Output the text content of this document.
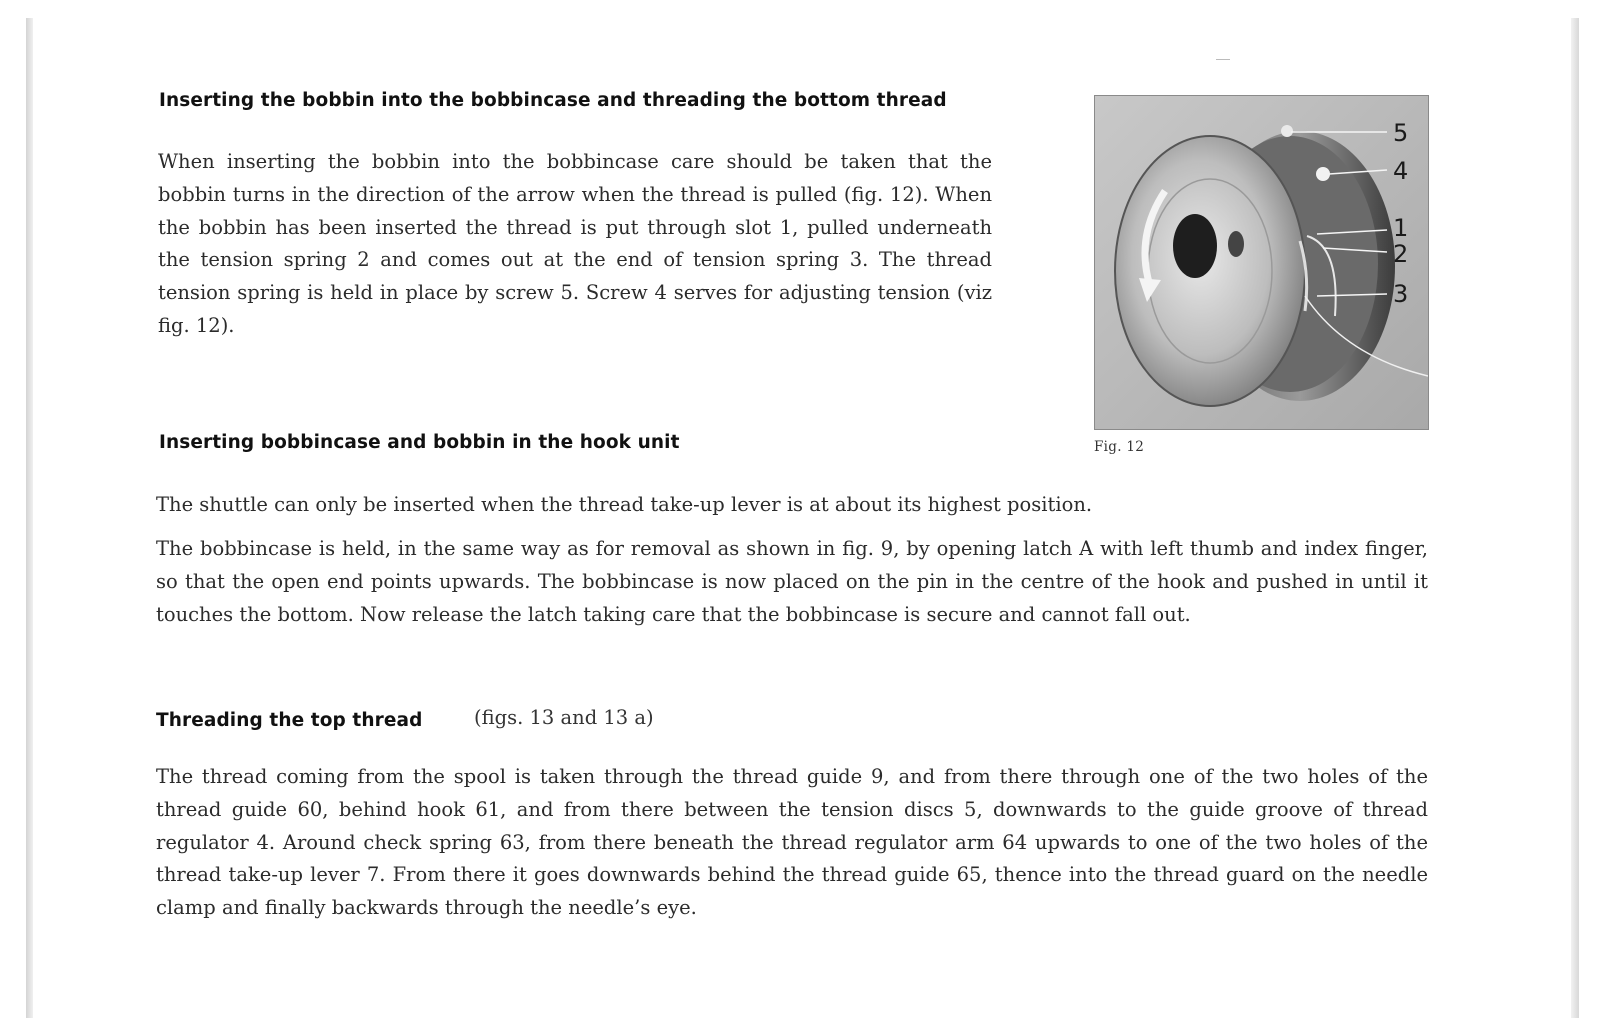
Inserting the bobbin into the bobbincase and threading the bottom thread

When inserting the bobbin into the bobbincase care should be taken that the bobbin turns in the direction of the arrow when the thread is pulled (fig. 12). When the bobbin has been inserted the thread is put through slot 1, pulled underneath the tension spring 2 and comes out at the end of tension spring 3. The thread tension spring is held in place by screw 5. Screw 4 serves for adjusting tension (viz fig. 12).

5
4
1
2
3
Fig. 12
Inserting bobbincase and bobbin in the hook unit

The shuttle can only be inserted when the thread take-up lever is at about its highest position.

The bobbincase is held, in the same way as for removal as shown in fig. 9, by opening latch A with left thumb and index finger, so that the open end points upwards. The bobbincase is now placed on the pin in the centre of the hook and pushed in until it touches the bottom. Now release the latch taking care that the bobbincase is secure and cannot fall out.

Threading the top thread	(figs. 13 and 13 a)

The thread coming from the spool is taken through the thread guide 9, and from there through one of the two holes of the thread guide 60, behind hook 61, and from there between the tension discs 5, downwards to the guide groove of thread regulator 4. Around check spring 63, from there beneath the thread regulator arm 64 upwards to one of the two holes of the thread take-up lever 7. From there it goes downwards behind the thread guide 65, thence into the thread guard on the needle clamp and finally backwards through the needle’s eye.
